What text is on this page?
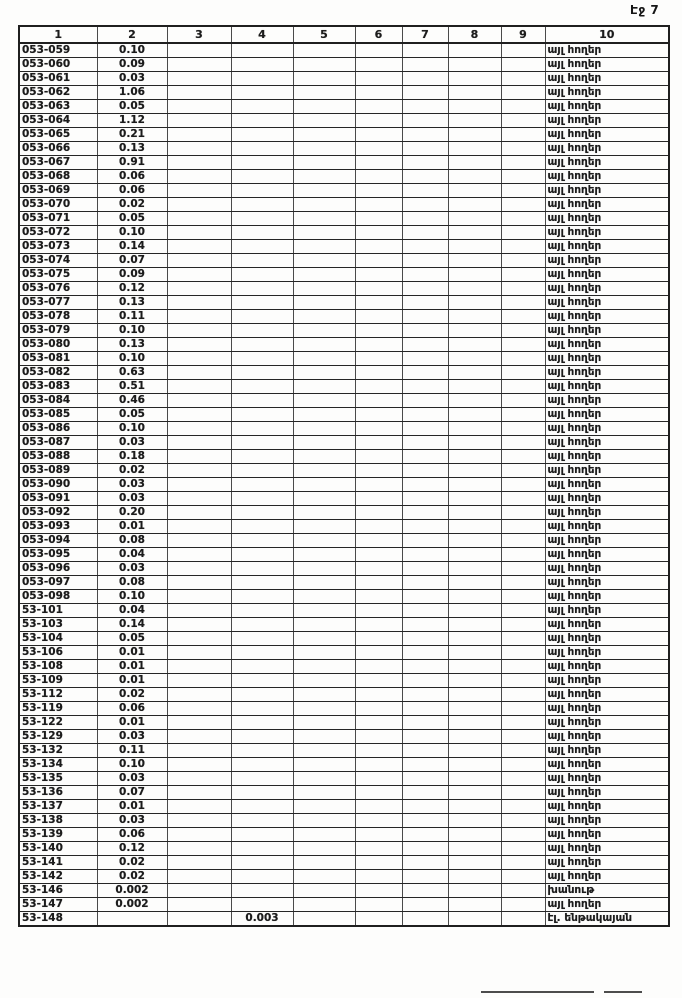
Էջ 7
1	2	3	4	5	6	7	8	9	10
053-059	0.10								այլ հողեր
053-060	0.09								այլ հողեր
053-061	0.03								այլ հողեր
053-062	1.06								այլ հողեր
053-063	0.05								այլ հողեր
053-064	1.12								այլ հողեր
053-065	0.21								այլ հողեր
053-066	0.13								այլ հողեր
053-067	0.91								այլ հողեր
053-068	0.06								այլ հողեր
053-069	0.06								այլ հողեր
053-070	0.02								այլ հողեր
053-071	0.05								այլ հողեր
053-072	0.10								այլ հողեր
053-073	0.14								այլ հողեր
053-074	0.07								այլ հողեր
053-075	0.09								այլ հողեր
053-076	0.12								այլ հողեր
053-077	0.13								այլ հողեր
053-078	0.11								այլ հողեր
053-079	0.10								այլ հողեր
053-080	0.13								այլ հողեր
053-081	0.10								այլ հողեր
053-082	0.63								այլ հողեր
053-083	0.51								այլ հողեր
053-084	0.46								այլ հողեր
053-085	0.05								այլ հողեր
053-086	0.10								այլ հողեր
053-087	0.03								այլ հողեր
053-088	0.18								այլ հողեր
053-089	0.02								այլ հողեր
053-090	0.03								այլ հողեր
053-091	0.03								այլ հողեր
053-092	0.20								այլ հողեր
053-093	0.01								այլ հողեր
053-094	0.08								այլ հողեր
053-095	0.04								այլ հողեր
053-096	0.03								այլ հողեր
053-097	0.08								այլ հողեր
053-098	0.10								այլ հողեր
53-101	0.04								այլ հողեր
53-103	0.14								այլ հողեր
53-104	0.05								այլ հողեր
53-106	0.01								այլ հողեր
53-108	0.01								այլ հողեր
53-109	0.01								այլ հողեր
53-112	0.02								այլ հողեր
53-119	0.06								այլ հողեր
53-122	0.01								այլ հողեր
53-129	0.03								այլ հողեր
53-132	0.11								այլ հողեր
53-134	0.10								այլ հողեր
53-135	0.03								այլ հողեր
53-136	0.07								այլ հողեր
53-137	0.01								այլ հողեր
53-138	0.03								այլ հողեր
53-139	0.06								այլ հողեր
53-140	0.12								այլ հողեր
53-141	0.02								այլ հողեր
53-142	0.02								այլ հողեր
53-146	0.002								խանութ
53-147	0.002								այլ հողեր
53-148			0.003						էլ. ենթակայան
